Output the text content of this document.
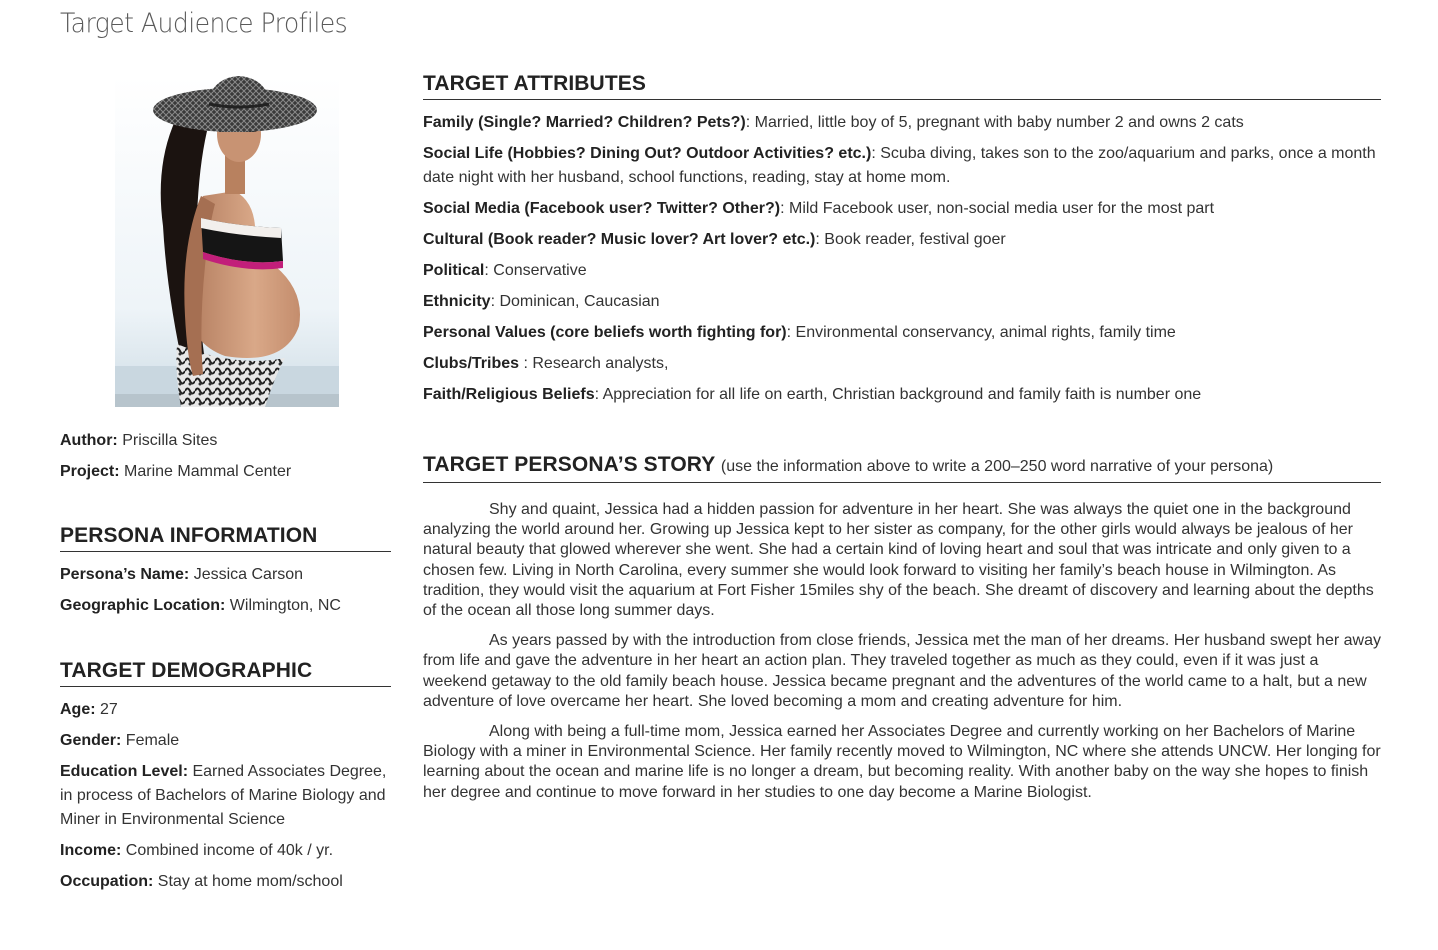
Target Audience Profiles
Author: Priscilla Sites
Project: Marine Mammal Center
PERSONA INFORMATION
Persona’s Name: Jessica Carson
Geographic Location: Wilmington, NC
TARGET DEMOGRAPHIC
Age: 27
Gender: Female
Education Level: Earned Associates Degree, in process of Bachelors of Marine Biology and Miner in Environmental Science
Income: Combined income of 40k / yr.
Occupation: Stay at home mom/school
TARGET ATTRIBUTES
Family (Single? Married? Children? Pets?): Married, little boy of 5, pregnant with baby number 2 and owns 2 cats
Social Life (Hobbies? Dining Out? Outdoor Activities? etc.): Scuba diving, takes son to the zoo/aquarium and parks, once a month date night with her husband, school functions, reading, stay at home mom.
Social Media (Facebook user? Twitter? Other?): Mild Facebook user, non-social media user for the most part
Cultural (Book reader? Music lover? Art lover? etc.): Book reader, festival goer
Political: Conservative
Ethnicity: Dominican, Caucasian
Personal Values (core beliefs worth fighting for): Environmental conservancy, animal rights, family time
Clubs/Tribes : Research analysts,
Faith/Religious Beliefs: Appreciation for all life on earth, Christian background and family faith is number one
TARGET PERSONA’S STORY (use the information above to write a 200–250 word narrative of your persona)

Shy and quaint, Jessica had a hidden passion for adventure in her heart. She was always the quiet one in the background analyzing the world around her. Growing up Jessica kept to her sister as company, for the other girls would always be jealous of her natural beauty that glowed wherever she went. She had a certain kind of loving heart and soul that was intricate and only given to a chosen few. Living in North Carolina, every summer she would look forward to visiting her family’s beach house in Wilmington. As tradition, they would visit the aquarium at Fort Fisher 15miles shy of the beach. She dreamt of discovery and learning about the depths of the ocean all those long summer days.

As years passed by with the introduction from close friends, Jessica met the man of her dreams. Her husband swept her away from life and gave the adventure in her heart an action plan. They traveled together as much as they could, even if it was just a weekend getaway to the old family beach house. Jessica became pregnant and the adventures of the world came to a halt, but a new adventure of love overcame her heart. She loved becoming a mom and creating adventure for him.

Along with being a full-time mom, Jessica earned her Associates Degree and currently working on her Bachelors of Marine Biology with a miner in Environmental Science. Her family recently moved to Wilmington, NC where she attends UNCW. Her longing for learning about the ocean and marine life is no longer a dream, but becoming reality. With another baby on the way she hopes to finish her degree and continue to move forward in her studies to one day become a Marine Biologist.
